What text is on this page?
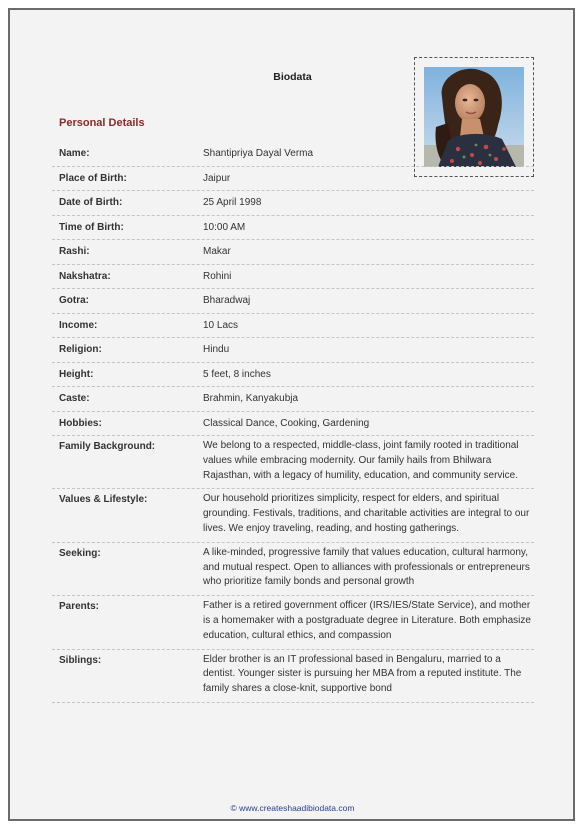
Biodata
Personal Details
Name:	Shantipriya Dayal Verma
Place of Birth:	Jaipur
Date of Birth:	25 April 1998
Time of Birth:	10:00 AM
Rashi:	Makar
Nakshatra:	Rohini
Gotra:	Bharadwaj
Income:	10 Lacs
Religion:	Hindu
Height:	5 feet, 8 inches
Caste:	Brahmin, Kanyakubja
Hobbies:	Classical Dance, Cooking, Gardening
Family Background:	We belong to a respected, middle-class, joint family rooted in traditional values while embracing modernity. Our family hails from Bhilwara Rajasthan, with a legacy of humility, education, and community service.
Values & Lifestyle:	Our household prioritizes simplicity, respect for elders, and spiritual grounding. Festivals, traditions, and charitable activities are integral to our lives. We enjoy traveling, reading, and hosting gatherings.
Seeking:	A like-minded, progressive family that values education, cultural harmony, and mutual respect. Open to alliances with professionals or entrepreneurs who prioritize family bonds and personal growth
Parents:	Father is a retired government officer (IRS/IES/State Service), and mother is a homemaker with a postgraduate degree in Literature. Both emphasize education, cultural ethics, and compassion
Siblings:	Elder brother is an IT professional based in Bengaluru, married to a dentist. Younger sister is pursuing her MBA from a reputed institute. The family shares a close-knit, supportive bond
© www.createshaadibiodata.com
